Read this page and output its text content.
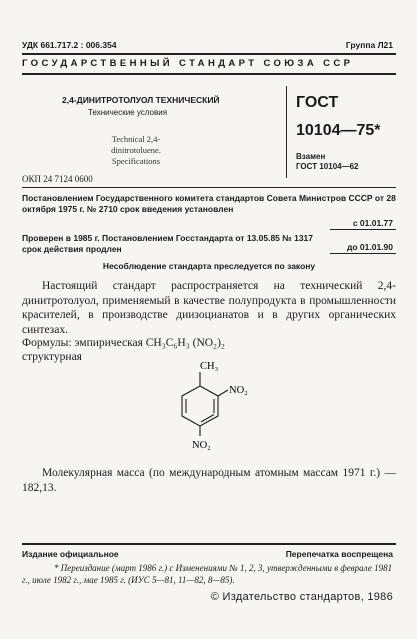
УДК 661.717.2 : 006.354	Группа Л21
ГОСУДАРСТВЕННЫЙ СТАНДАРТ СОЮЗА ССР
2,4-ДИНИТРОТОЛУОЛ ТЕХНИЧЕСКИЙ
Технические условия
Technical 2,4-dinitrotoluene. Specifications
ГОСТ
10104—75*
Взамен
ГОСТ 10104—62
ОКП 24 7124 0600
Постановлением Государственного комитета стандартов Совета Министров СССР от 28 октября 1975 г. № 2710 срок введения установлен
с 01.01.77
Проверен в 1985 г. Постановлением Госстандарта от 13.05.85 № 1317 срок действия продлен	до 01.01.90
Несоблюдение стандарта преследуется по закону
Настоящий стандарт распространяется на технический 2,4-динитротолуол, применяемый в качестве полупродукта в промышленности красителей, в производстве диизоцианатов и в других органических синтезах.
Формулы: эмпирическая CH₃C₆H₃ (NO₂)₂
структурная
CH₃
NO₂
NO₂
Молекулярная масса (по международным атомным массам 1971 г.) — 182,13.
Издание официальное	Перепечатка воспрещена
* Переиздание (март 1986 г.) с Изменениями № 1, 2, 3, утвержденными в феврале 1981 г., июле 1982 г., мае 1985 г. (ИУС 5—81, 11—82, 8—85).
© Издательство стандартов, 1986
